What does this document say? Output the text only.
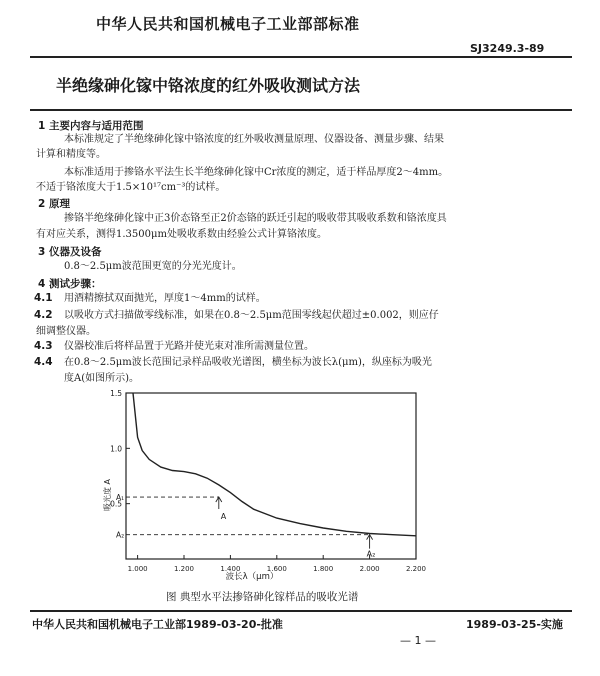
中华人民共和国机械电子工业部部标准
SJ3249.3-89
半绝缘砷化镓中铬浓度的红外吸收测试方法
1 主要内容与适用范围
本标准规定了半绝缘砷化镓中铬浓度的红外吸收测量原理、仪器设备、测量步骤、结果
计算和精度等。
本标准适用于掺铬水平法生长半绝缘砷化镓中Cr浓度的测定，适于样品厚度2～4mm。
不适于铬浓度大于1.5×10¹⁷cm⁻³的试样。
2 原理
掺铬半绝缘砷化镓中正3价态铬至正2价态铬的跃迁引起的吸收带其吸收系数和铬浓度具
有对应关系，测得1.3500μm处吸收系数由经验公式计算铬浓度。
3 仪器及设备
0.8～2.5μm波范围更宽的分光光度计。
4 测试步骤：
4.1 用酒精擦拭双面抛光，厚度1～4mm的试样。
4.2 以吸收方式扫描做零线标准，如果在0.8～2.5μm范围零线起伏超过±0.002，则应仔
细调整仪器。
4.3 仪器校准后将样品置于光路并使光束对准所需测量位置。
4.4 在0.8～2.5μm波长范围记录样品吸收光谱图，横坐标为波长λ(μm)，纵座标为吸光
度A(如图所示)。
0.5
1.0
1.5
1.000	1.200	1.400	1.600	1.800	2.000	2.200
A
A₁
A₂
A₂
吸光度 A
波长λ（μm）
图 典型水平法掺铬砷化镓样品的吸收光谱
中华人民共和国机械电子工业部1989-03-20-批准	1989-03-25-实施
— 1 —
